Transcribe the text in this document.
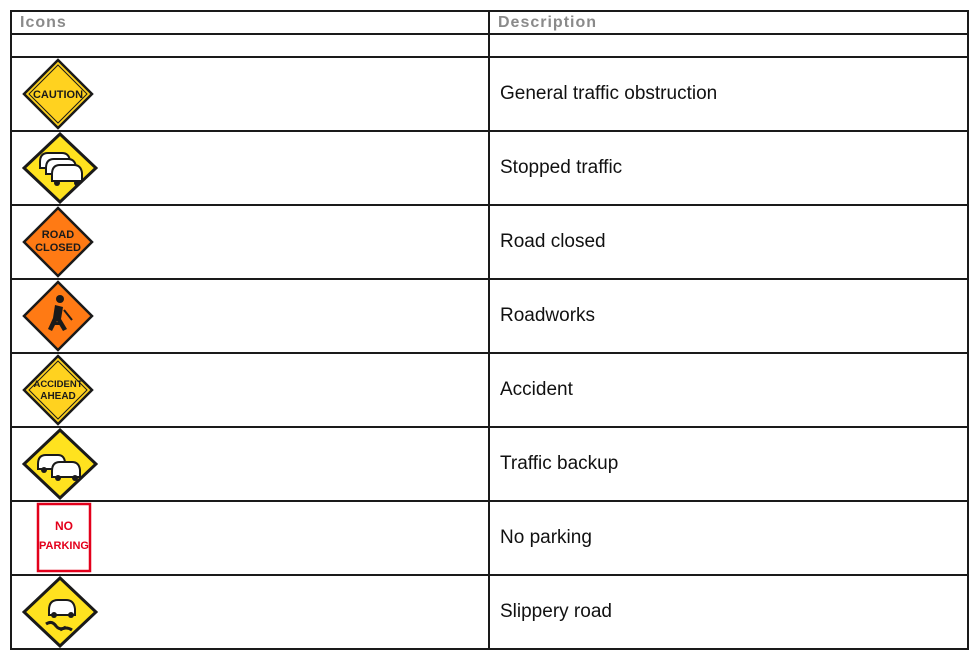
Icons	Description

CAUTION	General traffic obstruction

	Stopped traffic

ROAD
CLOSED	Road closed

	Roadworks

ACCIDENT
AHEAD	Accident

	Traffic backup

NO
PARKING	No parking

	Slippery road
